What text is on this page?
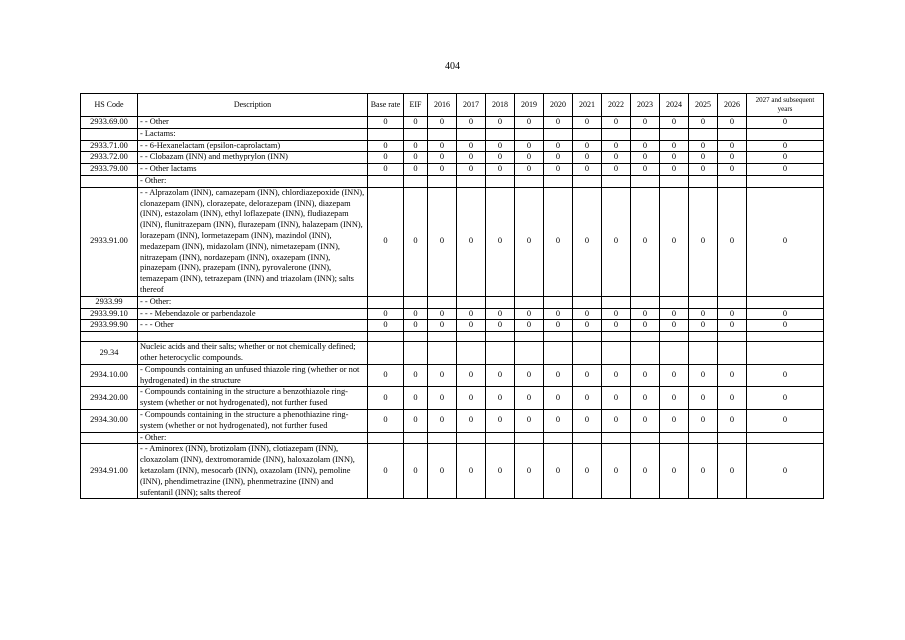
404
HS Code	Description	Base rate	EIF	2016	2017	2018	2019	2020	2021	2022	2023	2024	2025	2026	2027 and subsequent years
2933.69.00	- - Other	0	0	0	0	0	0	0	0	0	0	0	0	0	0
	- Lactams:														
2933.71.00	- - 6-Hexanelactam (epsilon-caprolactam)	0	0	0	0	0	0	0	0	0	0	0	0	0	0
2933.72.00	- - Clobazam (INN) and methyprylon (INN)	0	0	0	0	0	0	0	0	0	0	0	0	0	0
2933.79.00	- - Other lactams	0	0	0	0	0	0	0	0	0	0	0	0	0	0
	- Other:														
2933.91.00	- - Alprazolam (INN), camazepam (INN), chlordiazepoxide (INN), clonazepam (INN), clorazepate, delorazepam (INN), diazepam (INN), estazolam (INN), ethyl loflazepate (INN), fludiazepam (INN), flunitrazepam (INN), flurazepam (INN), halazepam (INN), lorazepam (INN), lormetazepam (INN), mazindol (INN), medazepam (INN), midazolam (INN), nimetazepam (INN), nitrazepam (INN), nordazepam (INN), oxazepam (INN), pinazepam (INN), prazepam (INN), pyrovalerone (INN), temazepam (INN), tetrazepam (INN) and triazolam (INN); salts thereof	0	0	0	0	0	0	0	0	0	0	0	0	0	0
2933.99	- - Other:														
2933.99.10	- - - Mebendazole or parbendazole	0	0	0	0	0	0	0	0	0	0	0	0	0	0
2933.99.90	- - - Other	0	0	0	0	0	0	0	0	0	0	0	0	0	0

29.34	Nucleic acids and their salts; whether or not chemically defined; other heterocyclic compounds.														
2934.10.00	- Compounds containing an unfused thiazole ring (whether or not hydrogenated) in the structure	0	0	0	0	0	0	0	0	0	0	0	0	0	0
2934.20.00	- Compounds containing in the structure a benzothiazole ring-system (whether or not hydrogenated), not further fused	0	0	0	0	0	0	0	0	0	0	0	0	0	0
2934.30.00	- Compounds containing in the structure a phenothiazine ring-system (whether or not hydrogenated), not further fused	0	0	0	0	0	0	0	0	0	0	0	0	0	0
	- Other:														
2934.91.00	- - Aminorex (INN), brotizolam (INN), clotiazepam (INN), cloxazolam (INN), dextromoramide (INN), haloxazolam (INN), ketazolam (INN), mesocarb (INN), oxazolam (INN), pemoline (INN), phendimetrazine (INN), phenmetrazine (INN) and sufentanil (INN); salts thereof	0	0	0	0	0	0	0	0	0	0	0	0	0	0
